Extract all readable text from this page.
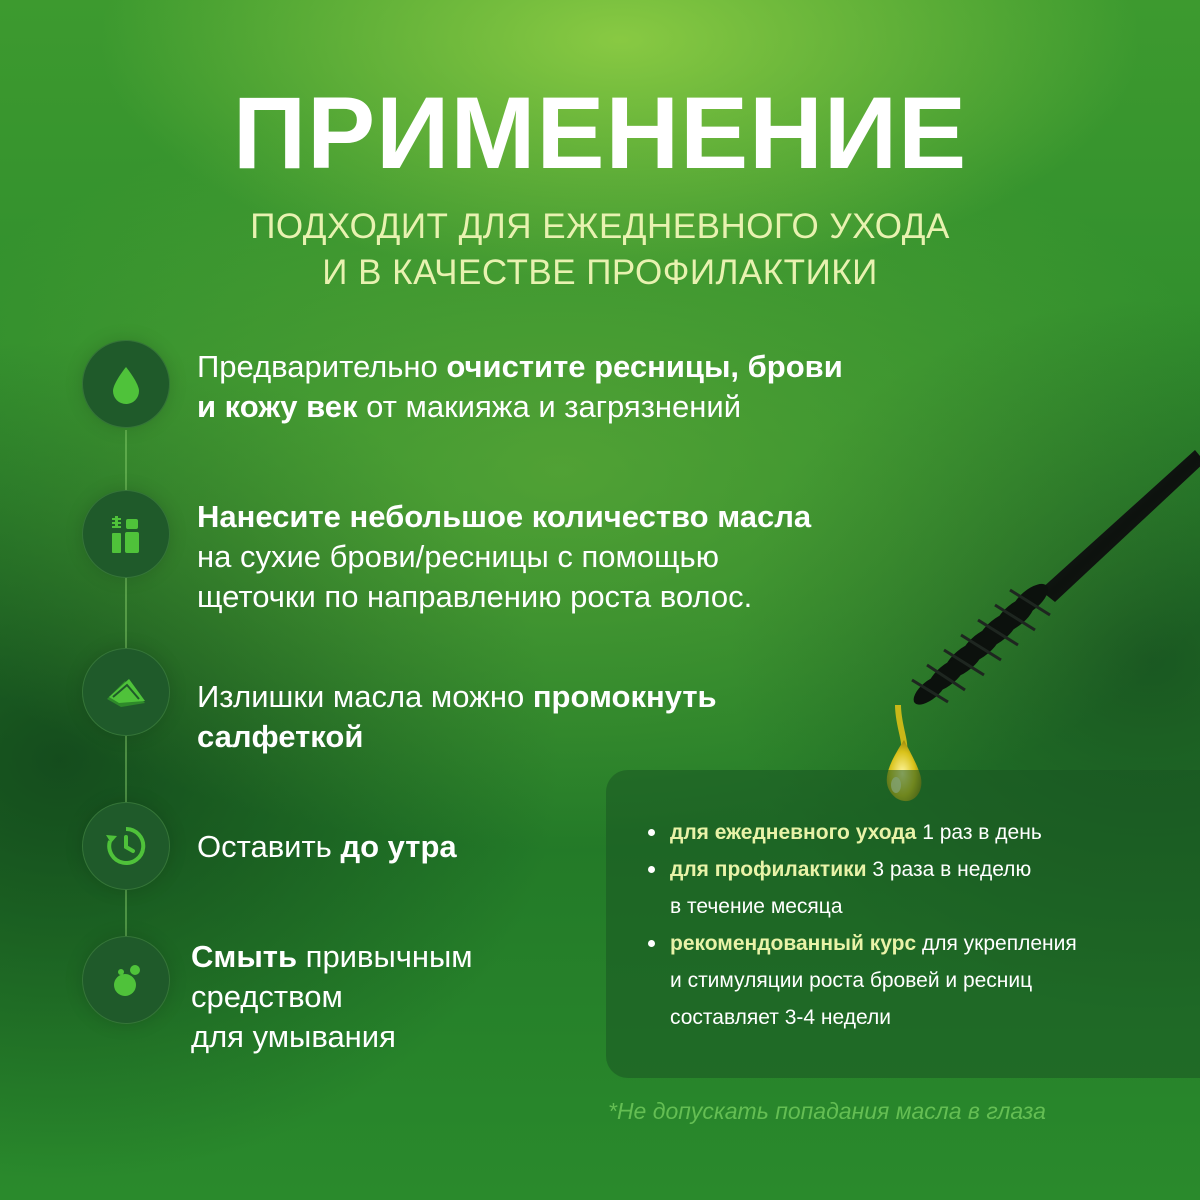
ПРИМЕНЕНИЕ
ПОДХОДИТ ДЛЯ ЕЖЕДНЕВНОГО УХОДА
И В КАЧЕСТВЕ ПРОФИЛАКТИКИ
Предварительно очистите ресницы, брови
и кожу век от макияжа и загрязнений
Нанесите небольшое количество масла
на сухие брови/ресницы с помощью
щеточки по направлению роста волос.
Излишки масла можно промокнуть
салфеткой
Оставить до утра
Смыть привычным
средством
для умывания
для ежедневного ухода 1 раз в день
для профилактики 3 раза в неделю
в течение месяца
рекомендованный курс для укрепления
и стимуляции роста бровей и ресниц
составляет 3-4 недели
*Не допускать попадания масла в глаза
